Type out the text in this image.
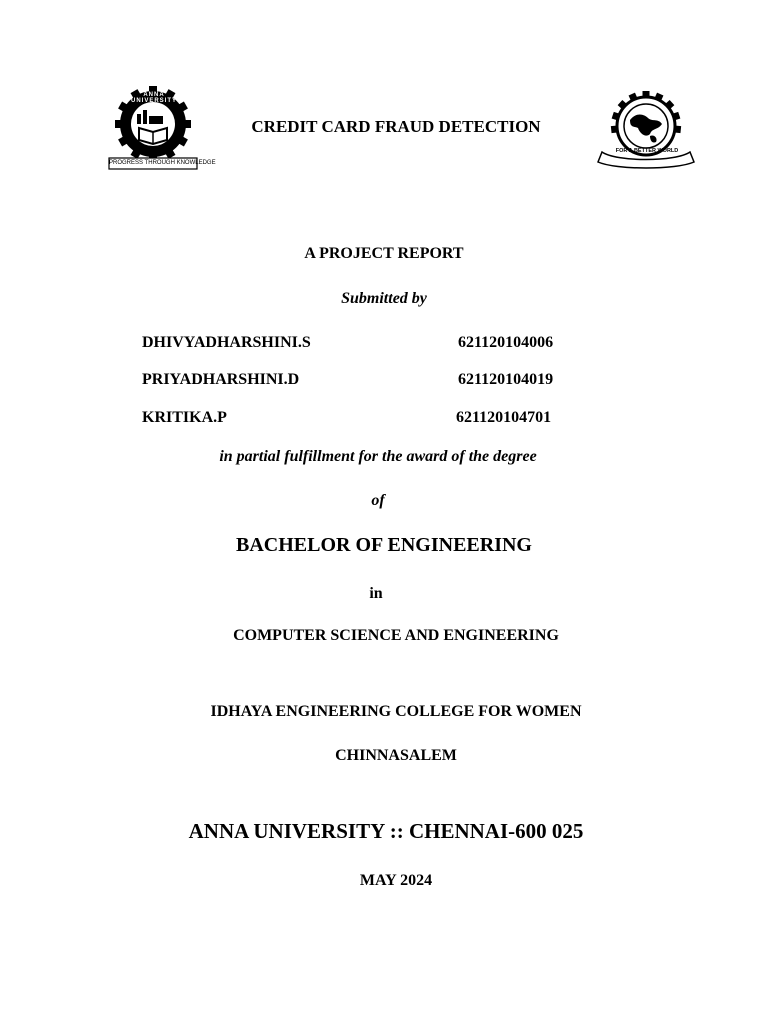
PROGRESS THROUGH KNOWLEDGE
ANNA UNIVERSITY
FOR A BETTER WORLD
CREDIT CARD FRAUD DETECTION
A PROJECT REPORT
Submitted by
DHIVYADHARSHINI.S	621120104006
PRIYADHARSHINI.D	621120104019
KRITIKA.P	621120104701
in partial fulfillment for the award of the degree
of
BACHELOR OF ENGINEERING
in
COMPUTER SCIENCE AND ENGINEERING
IDHAYA ENGINEERING COLLEGE FOR WOMEN
CHINNASALEM
ANNA UNIVERSITY :: CHENNAI-600 025
MAY 2024
